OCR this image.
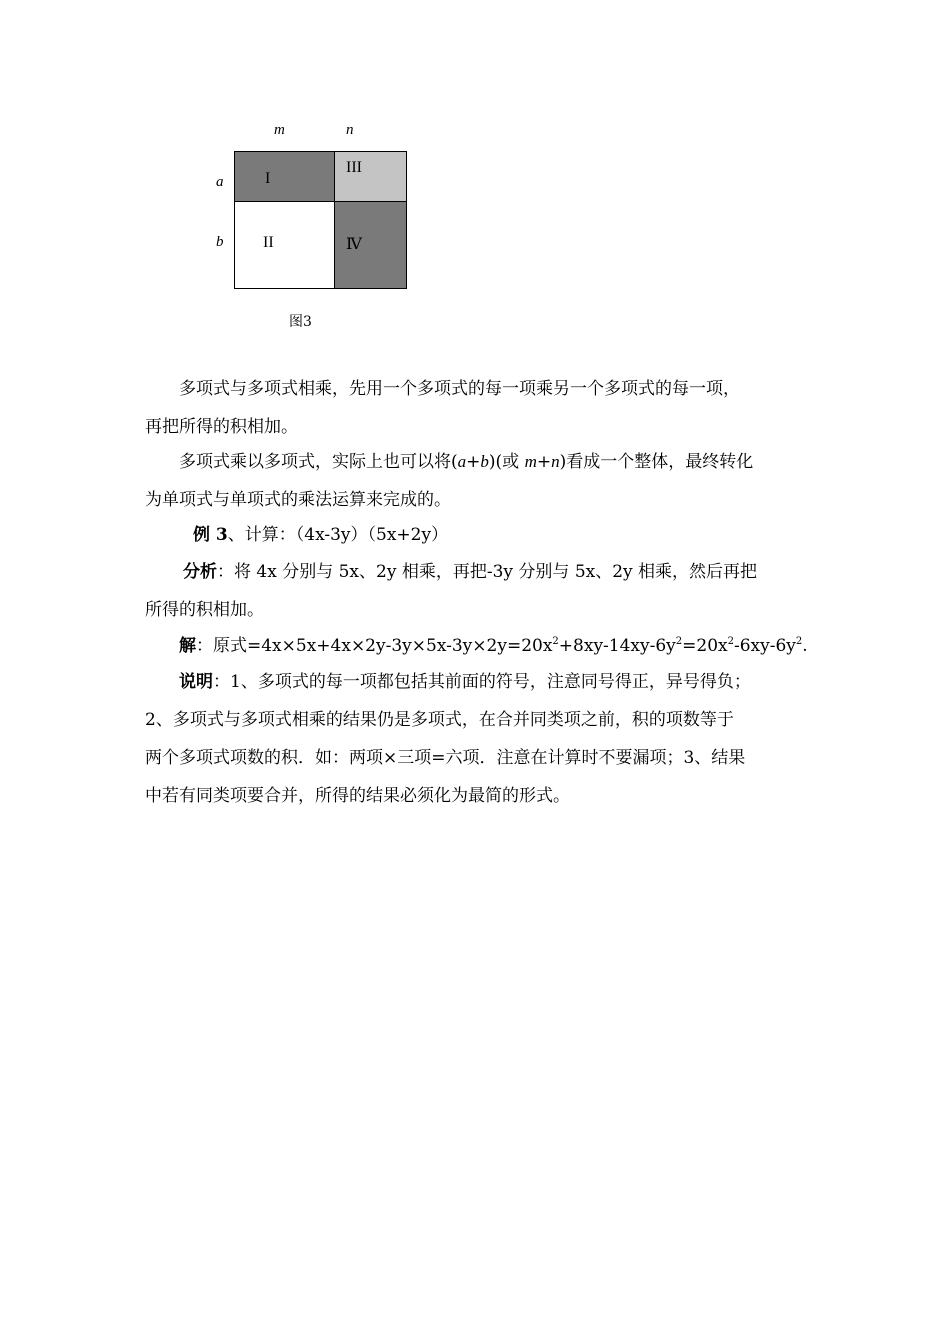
m	n
a
b
I
III
II	Ⅳ
图3
多项式与多项式相乘，先用一个多项式的每一项乘另一个多项式的每一项，
再把所得的积相加。
多项式乘以多项式，实际上也可以将(a+b)(或 m+n)看成一个整体，最终转化
为单项式与单项式的乘法运算来完成的。
例 3、计算：（4x-3y）（5x+2y）
分析：将 4x 分别与 5x、2y 相乘，再把-3y 分别与 5x、2y 相乘，然后再把
所得的积相加。
解：原式$=4x\times 5x+4x\times 2y-3y\times 5x-3y\times 2y=20x^2+8xy-14xy-6y^2=20x^2-6xy-6y^2$.
说明：1、多项式的每一项都包括其前面的符号，注意同号得正，异号得负；
2、多项式与多项式相乘的结果仍是多项式，在合并同类项之前，积的项数等于
两个多项式项数的积．如：两项×三项=六项．注意在计算时不要漏项；3、结果
中若有同类项要合并，所得的结果必须化为最简的形式。
